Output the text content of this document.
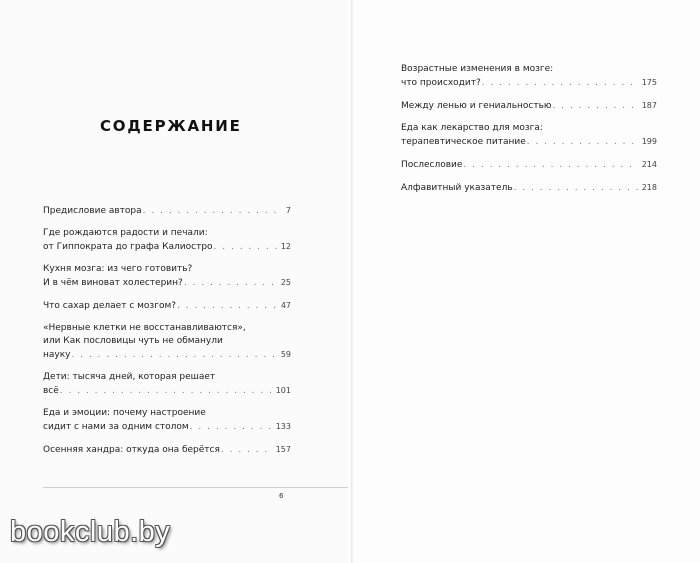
СОДЕРЖАНИЕ
Предисловие автора . . .	7
Где рождаются радости и печали:
от Гиппократа до графа Калиостро . . .	12
Кухня мозга: из чего готовить?
И в чём виноват холестерин? . . .	25
Что сахар делает с мозгом? . . .	47
«Нервные клетки не восстанавливаются»,
или Как пословицы чуть не обманули
науку . . .	59
Дети: тысяча дней, которая решает
всё . . .	101
Еда и эмоции: почему настроение
сидит с нами за одним столом . . .	133
Осенняя хандра: откуда она берётся . . .	157
Возрастные изменения в мозге:
что происходит? . . .	175
Между ленью и гениальностью . . .	187
Еда как лекарство для мозга:
терапевтическое питание . . .	199
Послесловие . . .	214
Алфавитный указатель . . .	218
6
bookclub.by
